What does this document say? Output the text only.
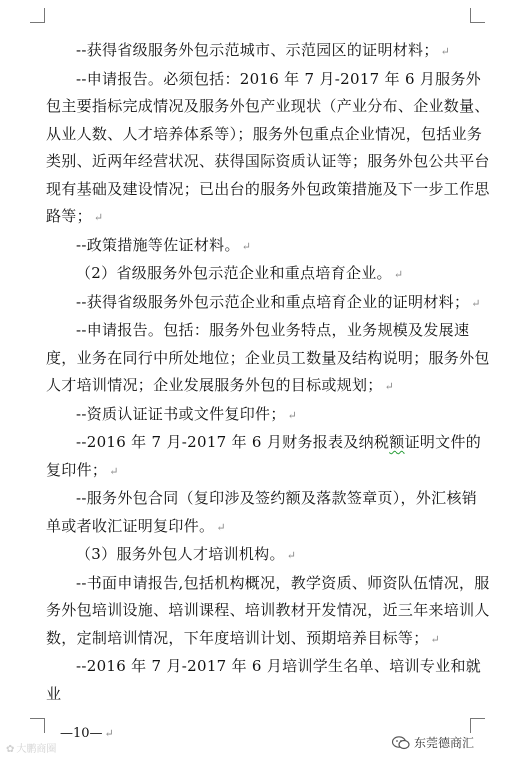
--获得省级服务外包示范城市、示范园区的证明材料； ↵

--申请报告。必须包括：2016 年 7 月-2017 年 6 月服务外包主要指标完成情况及服务外包产业现状（产业分布、企业数量、从业人数、人才培养体系等）；服务外包重点企业情况，包括业务类别、近两年经营状况、获得国际资质认证等；服务外包公共平台现有基础及建设情况；已出台的服务外包政策措施及下一步工作思路等； ↵

--政策措施等佐证材料。 ↵

（2）省级服务外包示范企业和重点培育企业。 ↵

--获得省级服务外包示范企业和重点培育企业的证明材料； ↵

--申请报告。包括：服务外包业务特点，业务规模及发展速度，业务在同行中所处地位；企业员工数量及结构说明；服务外包人才培训情况；企业发展服务外包的目标或规划； ↵

--资质认证证书或文件复印件； ↵

--2016 年 7 月-2017 年 6 月财务报表及纳税额证明文件的复印件； ↵

--服务外包合同（复印涉及签约额及落款签章页），外汇核销单或者收汇证明复印件。 ↵

（3）服务外包人才培训机构。 ↵

--书面申请报告,包括机构概况，教学资质、师资队伍情况，服务外包培训设施、培训课程、培训教材开发情况，近三年来培训人数，定制培训情况，下年度培训计划、预期培养目标等； ↵

--2016 年 7 月-2017 年 6 月培训学生名单、培训专业和就业

—10— ↵
✿ 大鹏商圈	东莞德商汇
